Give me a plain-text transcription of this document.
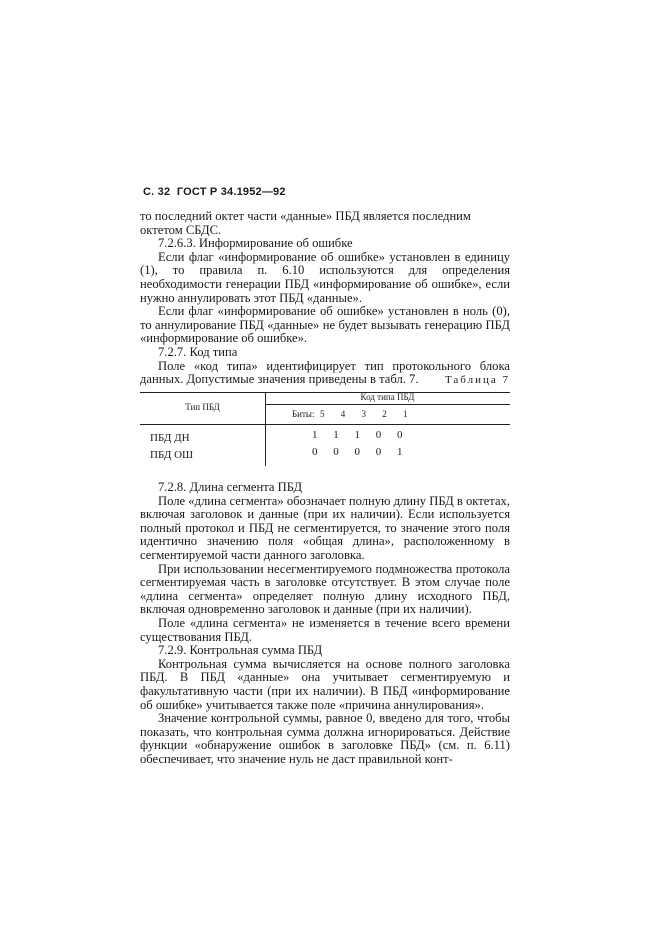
С. 32 ГОСТ Р 34.1952—92

то последний октет части «данные» ПБД является последним октетом СБДС.

7.2.6.3. Информирование об ошибке

Если флаг «информирование об ошибке» установлен в единицу (1), то правила п. 6.10 используются для определения необходимости генерации ПБД «информирование об ошибке», если нужно аннулировать этот ПБД «данные».

Если флаг «информирование об ошибке» установлен в ноль (0), то аннулирование ПБД «данные» не будет вызывать генерацию ПБД «информирование об ошибке».

7.2.7. Код типа

Поле «код типа» идентифицирует тип протокольного блока данных. Допустимые значения приведены в табл. 7.	Таблица 7
Тип ПБД
Код типа ПБД
Биты: 5 4 3 2 1
ПБД ДН	1 1 1 0 0
ПБД ОШ	0 0 0 0 1

7.2.8. Длина сегмента ПБД

Поле «длина сегмента» обозначает полную длину ПБД в октетах, включая заголовок и данные (при их наличии). Если используется полный протокол и ПБД не сегментируется, то значение этого поля идентично значению поля «общая длина», расположенному в сегментируемой части данного заголовка.

При использовании несегментируемого подмножества протокола сегментируемая часть в заголовке отсутствует. В этом случае поле «длина сегмента» определяет полную длину исходного ПБД, включая одновременно заголовок и данные (при их наличии).

Поле «длина сегмента» не изменяется в течение всего времени существования ПБД.

7.2.9. Контрольная сумма ПБД

Контрольная сумма вычисляется на основе полного заголовка ПБД. В ПБД «данные» она учитывает сегментируемую и факультативную части (при их наличии). В ПБД «информирование об ошибке» учитывается также поле «причина аннулирования».

Значение контрольной суммы, равное 0, введено для того, чтобы показать, что контрольная сумма должна игнорироваться. Действие функции «обнаружение ошибок в заголовке ПБД» (см. п. 6.11) обеспечивает, что значение нуль не даст правильной конт-
